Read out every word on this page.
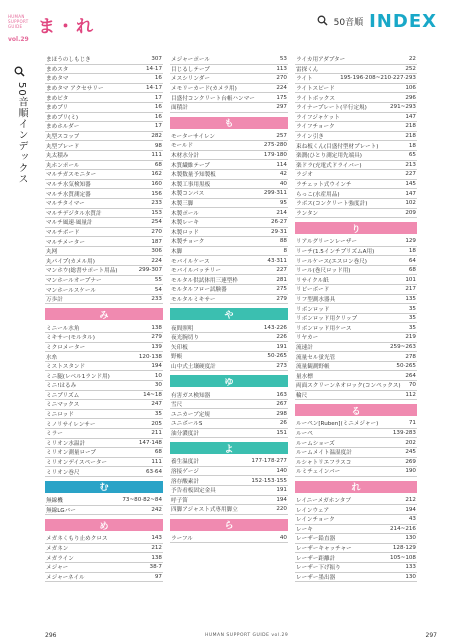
HUMAN SUPPORT GUIDE
vol.29
50音順インデックス
ま・れ	50音順 INDEX
まほうのしもじき	307
まめスタ	14·17
まめタマ	16
まめタマ アクセサリー	14·17
まめピタ	17
まめプリ	16
まめプリ(ミ)	16
まめホルダー	17
丸型スコップ	282
丸型ブレード	98
丸太積み	111
丸ホンポール	68
マルチガスモニター	162
マルチ水気検知器	160
マルチ水質測定器	156
マルチタイマー	233
マルチデジタル水質計	153
マルチ風速·風量計	254
マルチボード	270
マルチメーター	187
丸网	306
丸パイプ(カメル用)	224
マンホウ(総書サポート用品)	299-307
マンホールオープナー	55
マンホールスケール	54
万歩計	233
み
ミニール水角	138
ミキサー(モルタル)	279
ミクロメーター	139
水糸	120·138
ミストスタンド	194
ミニ腿(レベル1ランド用)	10
ミニ!はるみ	30
ミニプリズム	14~18
ミニマックス	247
ミニロッド	35
ミノリサイレンサー	205
ミラー	211
ミリオン水温計	147·148
ミリオン測量ロープ	68
ミリオンデイスペーター	111
ミリオン巻尺	63·64
む
無線機	73~80·82~84
無線LGバー	242
め
メガネくもり止めクロス	143
メガネン	212
メガライン	138
メジャー	38·7
メジャーネイル	97
メジャーポール	53
目じるしテープ	113
メスシリンダー	270
メモリーカード(カメラ用)	224
目盛付コンクリート台帳ハンマー	175
面積計	297
も
モーターサイレン	257
モールド	275·280
木材水分計	179·180
木質繊維テープ	114
木製数量予知製板	42
木製工事用黒板	40
木製コンパス	299·311
木製三脚	95
木製ポール	214
木製レーキ	26·27
木製ロッド	29·31
木製チョーク	88
木脚	8
モバイルケース	43·311
モバイルバッテリー	227
モルタル供試体用三連型枠	281
モルタルフロー試験器	275
モルタルミキサー	279
や
夜間照明	143·226
夜光腕切り	226
矢印板	191
野帳	50·265
山中式土壌硬度計	273
ゆ
有害ガス検知器	163
雪尺	267
ユニカーブ定規	298
ユニボールS	26
油分濃度計	151
よ
養生温度計	177·178·277
溶接ゲージ	140
溶存酸素計	152·153·155
予告看板固定金具	191
呼子笛	194
四脚アジャスト式専用脚立	220
ら
ラーフル	40
ライカ用アダプター	22
雷探くん	252
ライト	195·196·208~210·227·293
ライトスピード	106
ライトボックス	296
ライナープレート(平行定規)	291~293
ライフジャケット	147
ライフチョーク	218
ライン引き	218
束ね板くん(目盛付型材プレート)	18
楽潤(ひとり測定用先端具)	65
楽ドラ(充電式ドライバー)	213
ラジオ	227
ラチェット式ウインチ	145
らっこ(水産用品)	147
ラボス(コンクリート強度計)	102
ランタン	209
り
リアルグリーンレーザー	129
リーチ(1.5インチプリズムA用)	18
リールケース(エスロン巻尺)	64
リール(巻尺ロッド用)	68
リサイクル紙	101
リビーボード	217
リフ型測水器具	135
リボンロッド	35
リボンロッド用クリップ	35
リボンロッド用ケース	35
リヤカー	219
流速計	259~263
流量セル蛍光管	278
流量観測野帳	50·265
量水標	264
両面スクリーンネオロック(コンペックス) 70
輪尺	112
る
ルーペン[Ruben](ミニメジャー)	71
ルーペ	139·283
ルームショーズ	202
ルームメイト温湿度計	245
ルシャトリエフラスコ	269
ルミチェインバー	190
れ
レイニーメガホンタブ	212
レインウェア	194
レインチョーク	43
レーキ	214~216
レーザー鉛直器	130
レーザーキャッチャー	128·129
レーザー距離計	105~108
レーザー下げ振り	133
レーザー墨出器	130
296	HUMAN SUPPORT GUIDE vol.29	297
